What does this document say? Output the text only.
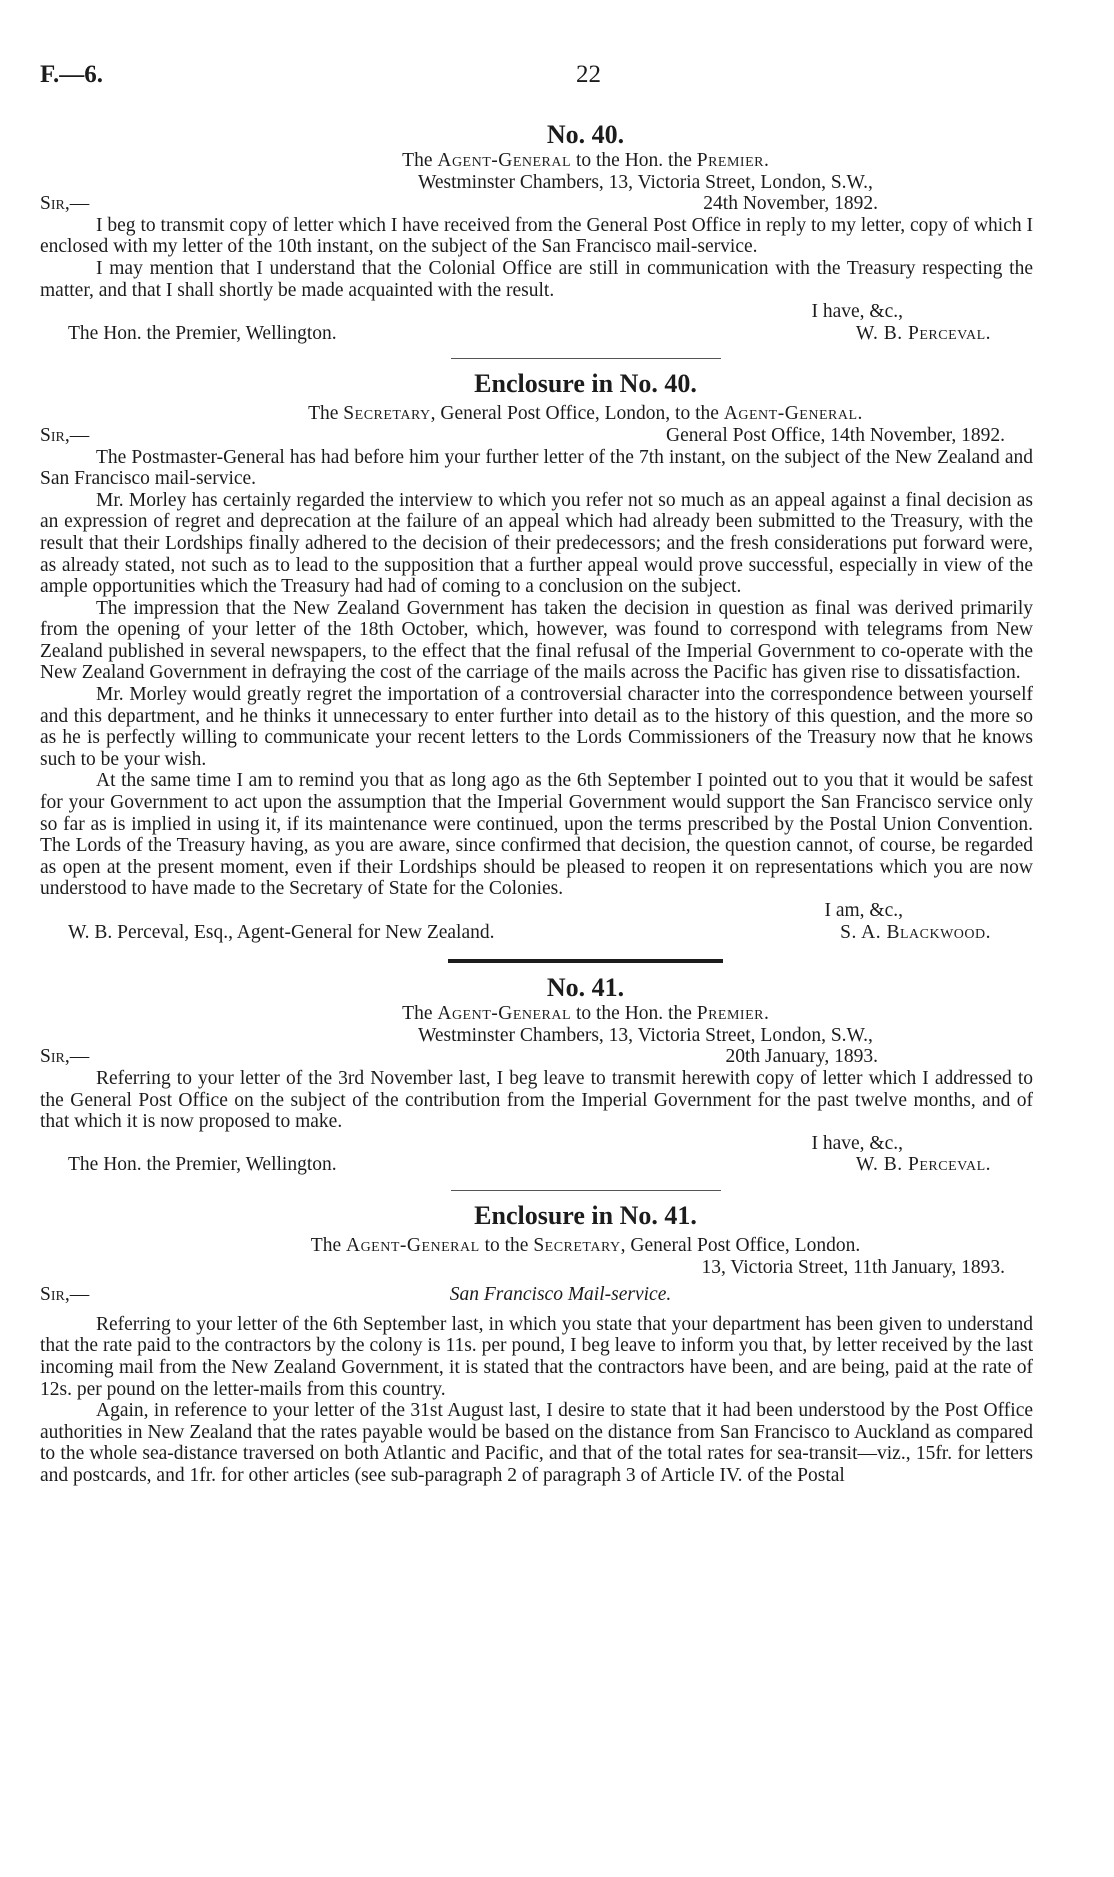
F.—6.	22
No. 40.
The Agent-General to the Hon. the Premier.
Westminster Chambers, 13, Victoria Street, London, S.W.,
Sir,—	24th November, 1892.

I beg to transmit copy of letter which I have received from the General Post Office in reply to my letter, copy of which I enclosed with my letter of the 10th instant, on the subject of the San Francisco mail-service.

I may mention that I understand that the Colonial Office are still in communication with the Treasury respecting the matter, and that I shall shortly be made acquainted with the result.

I have, &c.,
The Hon. the Premier, Wellington.	W. B. Perceval.
Enclosure in No. 40.
The Secretary, General Post Office, London, to the Agent-General.
Sir,—	General Post Office, 14th November, 1892.

The Postmaster-General has had before him your further letter of the 7th instant, on the subject of the New Zealand and San Francisco mail-service.

Mr. Morley has certainly regarded the interview to which you refer not so much as an appeal against a final decision as an expression of regret and deprecation at the failure of an appeal which had already been submitted to the Treasury, with the result that their Lordships finally adhered to the decision of their predecessors; and the fresh considerations put forward were, as already stated, not such as to lead to the supposition that a further appeal would prove successful, especially in view of the ample opportunities which the Treasury had had of coming to a conclusion on the subject.

The impression that the New Zealand Government has taken the decision in question as final was derived primarily from the opening of your letter of the 18th October, which, however, was found to correspond with telegrams from New Zealand published in several newspapers, to the effect that the final refusal of the Imperial Government to co-operate with the New Zealand Government in defraying the cost of the carriage of the mails across the Pacific has given rise to dissatisfaction.

Mr. Morley would greatly regret the importation of a controversial character into the correspondence between yourself and this department, and he thinks it unnecessary to enter further into detail as to the history of this question, and the more so as he is perfectly willing to communicate your recent letters to the Lords Commissioners of the Treasury now that he knows such to be your wish.

At the same time I am to remind you that as long ago as the 6th September I pointed out to you that it would be safest for your Government to act upon the assumption that the Imperial Government would support the San Francisco service only so far as is implied in using it, if its maintenance were continued, upon the terms prescribed by the Postal Union Convention. The Lords of the Treasury having, as you are aware, since confirmed that decision, the question cannot, of course, be regarded as open at the present moment, even if their Lordships should be pleased to reopen it on representations which you are now understood to have made to the Secretary of State for the Colonies.

I am, &c.,
W. B. Perceval, Esq., Agent-General for New Zealand.	S. A. Blackwood.
No. 41.
The Agent-General to the Hon. the Premier.
Westminster Chambers, 13, Victoria Street, London, S.W.,
Sir,—	20th January, 1893.

Referring to your letter of the 3rd November last, I beg leave to transmit herewith copy of letter which I addressed to the General Post Office on the subject of the contribution from the Imperial Government for the past twelve months, and of that which it is now proposed to make.

I have, &c.,
The Hon. the Premier, Wellington.	W. B. Perceval.
Enclosure in No. 41.
The Agent-General to the Secretary, General Post Office, London.
13, Victoria Street, 11th January, 1893.
Sir,—	San Francisco Mail-service.

Referring to your letter of the 6th September last, in which you state that your department has been given to understand that the rate paid to the contractors by the colony is 11s. per pound, I beg leave to inform you that, by letter received by the last incoming mail from the New Zealand Government, it is stated that the contractors have been, and are being, paid at the rate of 12s. per pound on the letter-mails from this country.

Again, in reference to your letter of the 31st August last, I desire to state that it had been understood by the Post Office authorities in New Zealand that the rates payable would be based on the distance from San Francisco to Auckland as compared to the whole sea-distance traversed on both Atlantic and Pacific, and that of the total rates for sea-transit—viz., 15fr. for letters and postcards, and 1fr. for other articles (see sub-paragraph 2 of paragraph 3 of Article IV. of the Postal
